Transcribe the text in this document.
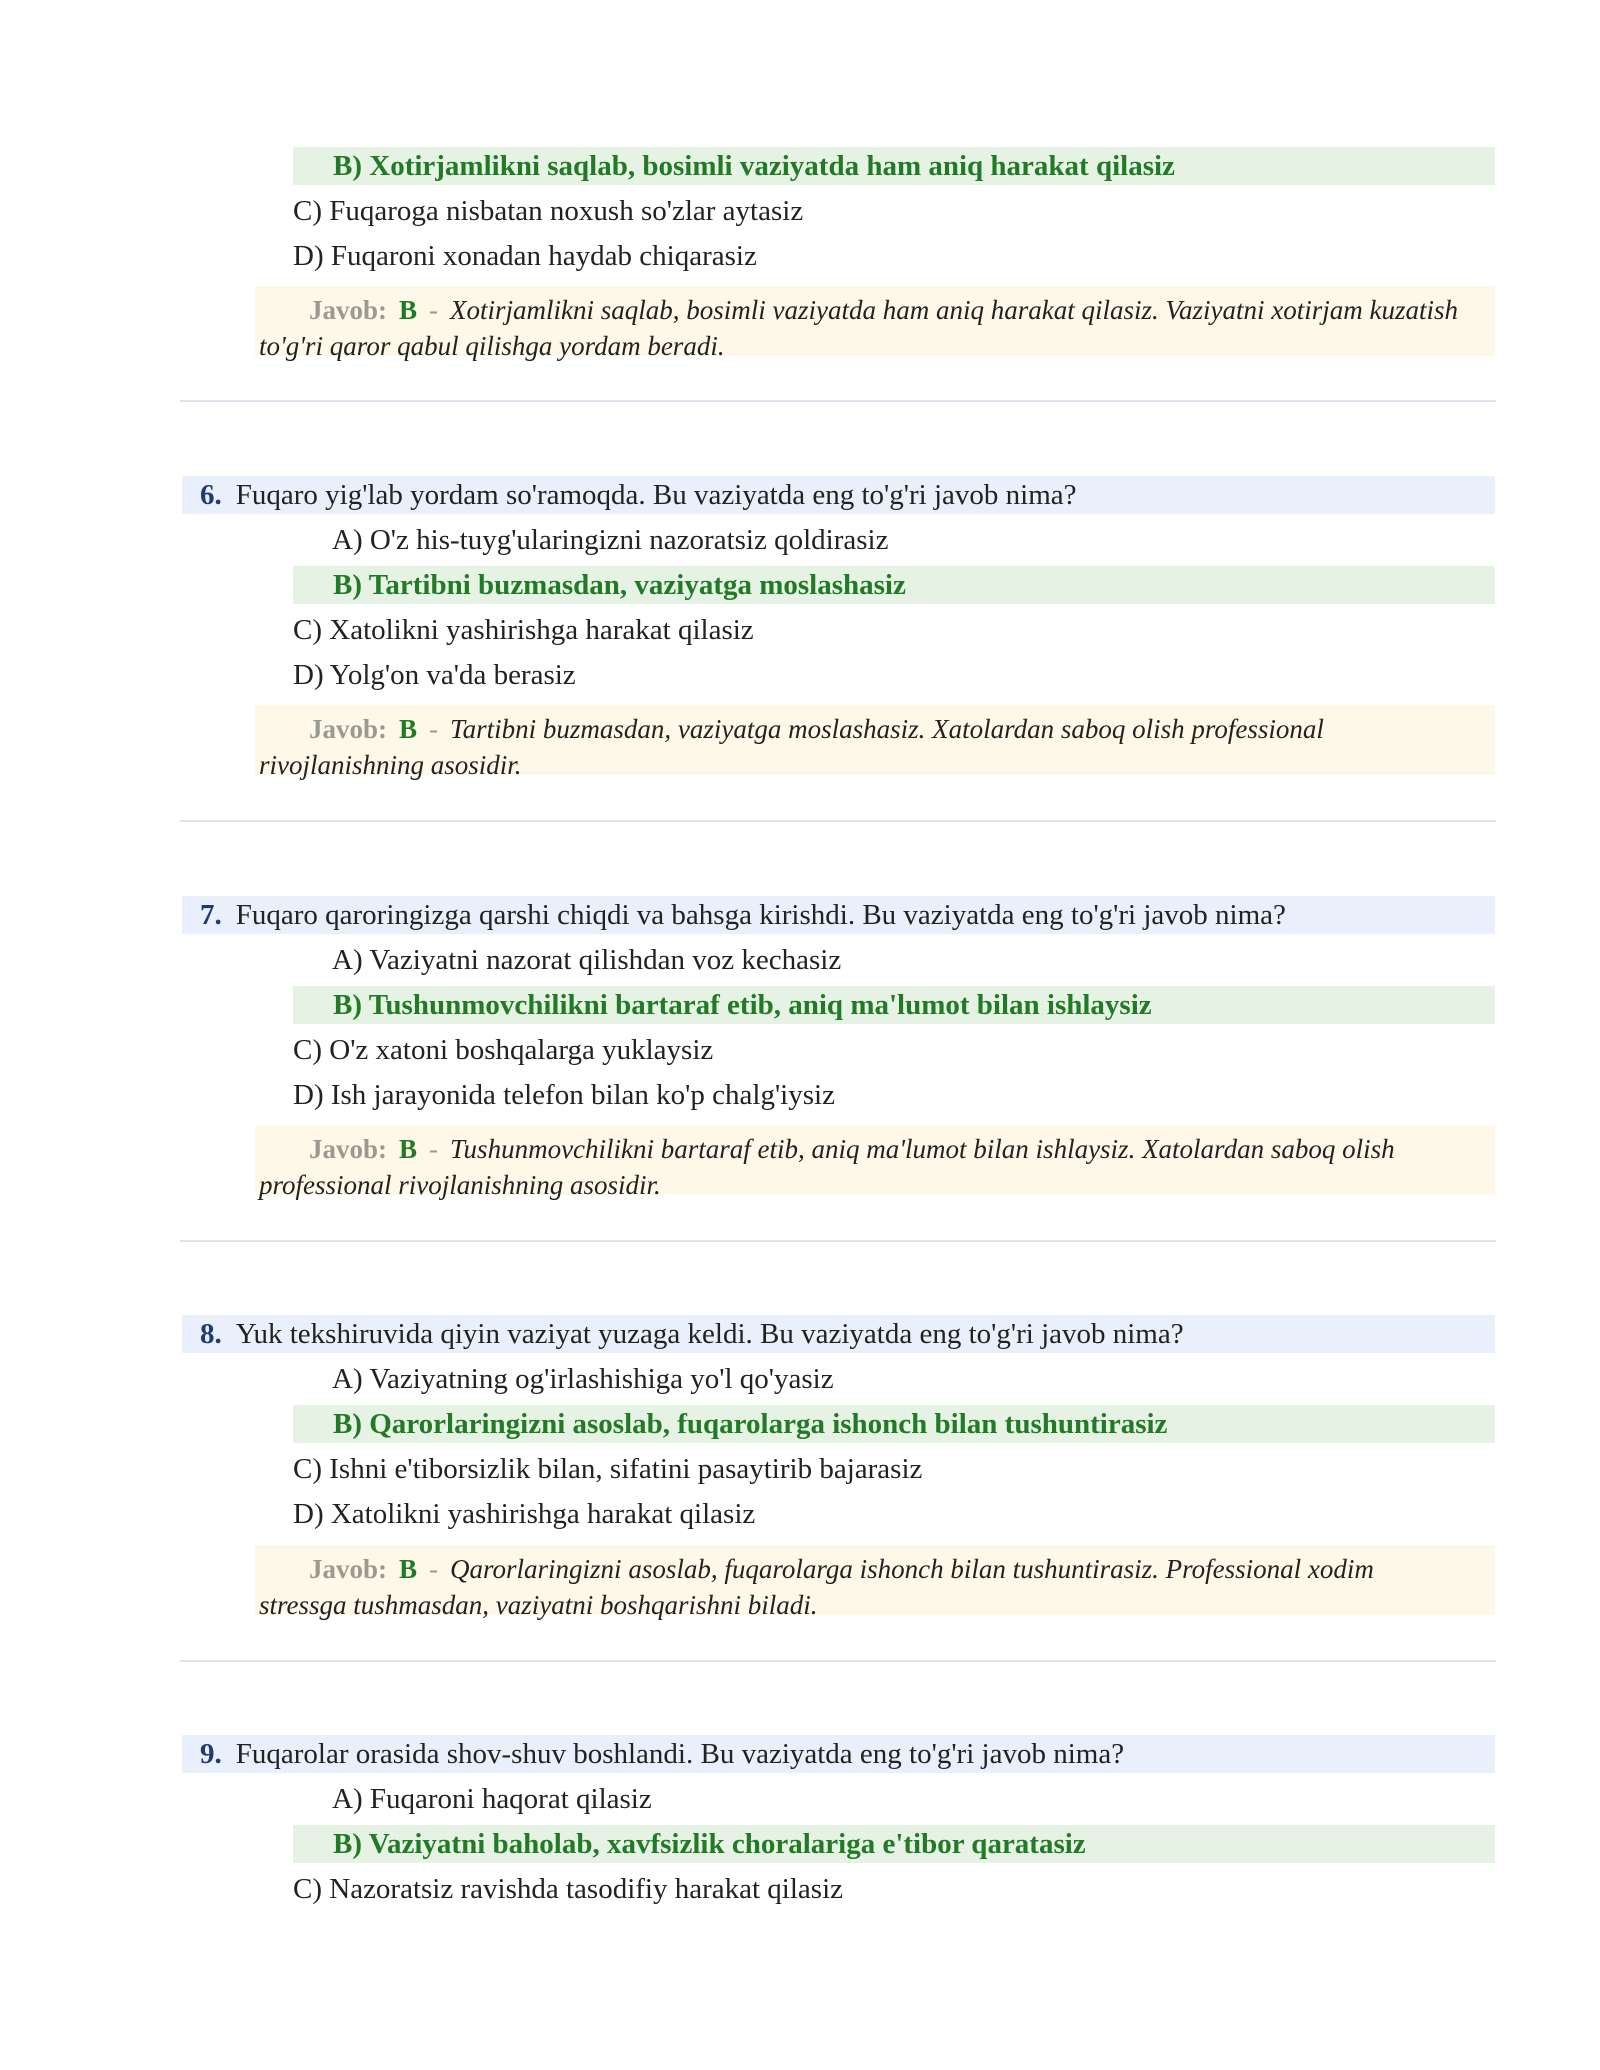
B) Xotirjamlikni saqlab, bosimli vaziyatda ham aniq harakat qilasiz
C) Fuqaroga nisbatan noxush so'zlar aytasiz
D) Fuqaroni xonadan haydab chiqarasiz
Javob: B - Xotirjamlikni saqlab, bosimli vaziyatda ham aniq harakat qilasiz. Vaziyatni xotirjam kuzatish to'g'ri qaror qabul qilishga yordam beradi.
6. Fuqaro yig'lab yordam so'ramoqda. Bu vaziyatda eng to'g'ri javob nima?
A) O'z his-tuyg'ularingizni nazoratsiz qoldirasiz
B) Tartibni buzmasdan, vaziyatga moslashasiz
C) Xatolikni yashirishga harakat qilasiz
D) Yolg'on va'da berasiz
Javob: B - Tartibni buzmasdan, vaziyatga moslashasiz. Xatolardan saboq olish professional rivojlanishning asosidir.
7. Fuqaro qaroringizga qarshi chiqdi va bahsga kirishdi. Bu vaziyatda eng to'g'ri javob nima?
A) Vaziyatni nazorat qilishdan voz kechasiz
B) Tushunmovchilikni bartaraf etib, aniq ma'lumot bilan ishlaysiz
C) O'z xatoni boshqalarga yuklaysiz
D) Ish jarayonida telefon bilan ko'p chalg'iysiz
Javob: B - Tushunmovchilikni bartaraf etib, aniq ma'lumot bilan ishlaysiz. Xatolardan saboq olish professional rivojlanishning asosidir.
8. Yuk tekshiruvida qiyin vaziyat yuzaga keldi. Bu vaziyatda eng to'g'ri javob nima?
A) Vaziyatning og'irlashishiga yo'l qo'yasiz
B) Qarorlaringizni asoslab, fuqarolarga ishonch bilan tushuntirasiz
C) Ishni e'tiborsizlik bilan, sifatini pasaytirib bajarasiz
D) Xatolikni yashirishga harakat qilasiz
Javob: B - Qarorlaringizni asoslab, fuqarolarga ishonch bilan tushuntirasiz. Professional xodim stressga tushmasdan, vaziyatni boshqarishni biladi.
9. Fuqarolar orasida shov-shuv boshlandi. Bu vaziyatda eng to'g'ri javob nima?
A) Fuqaroni haqorat qilasiz
B) Vaziyatni baholab, xavfsizlik choralariga e'tibor qaratasiz
C) Nazoratsiz ravishda tasodifiy harakat qilasiz
